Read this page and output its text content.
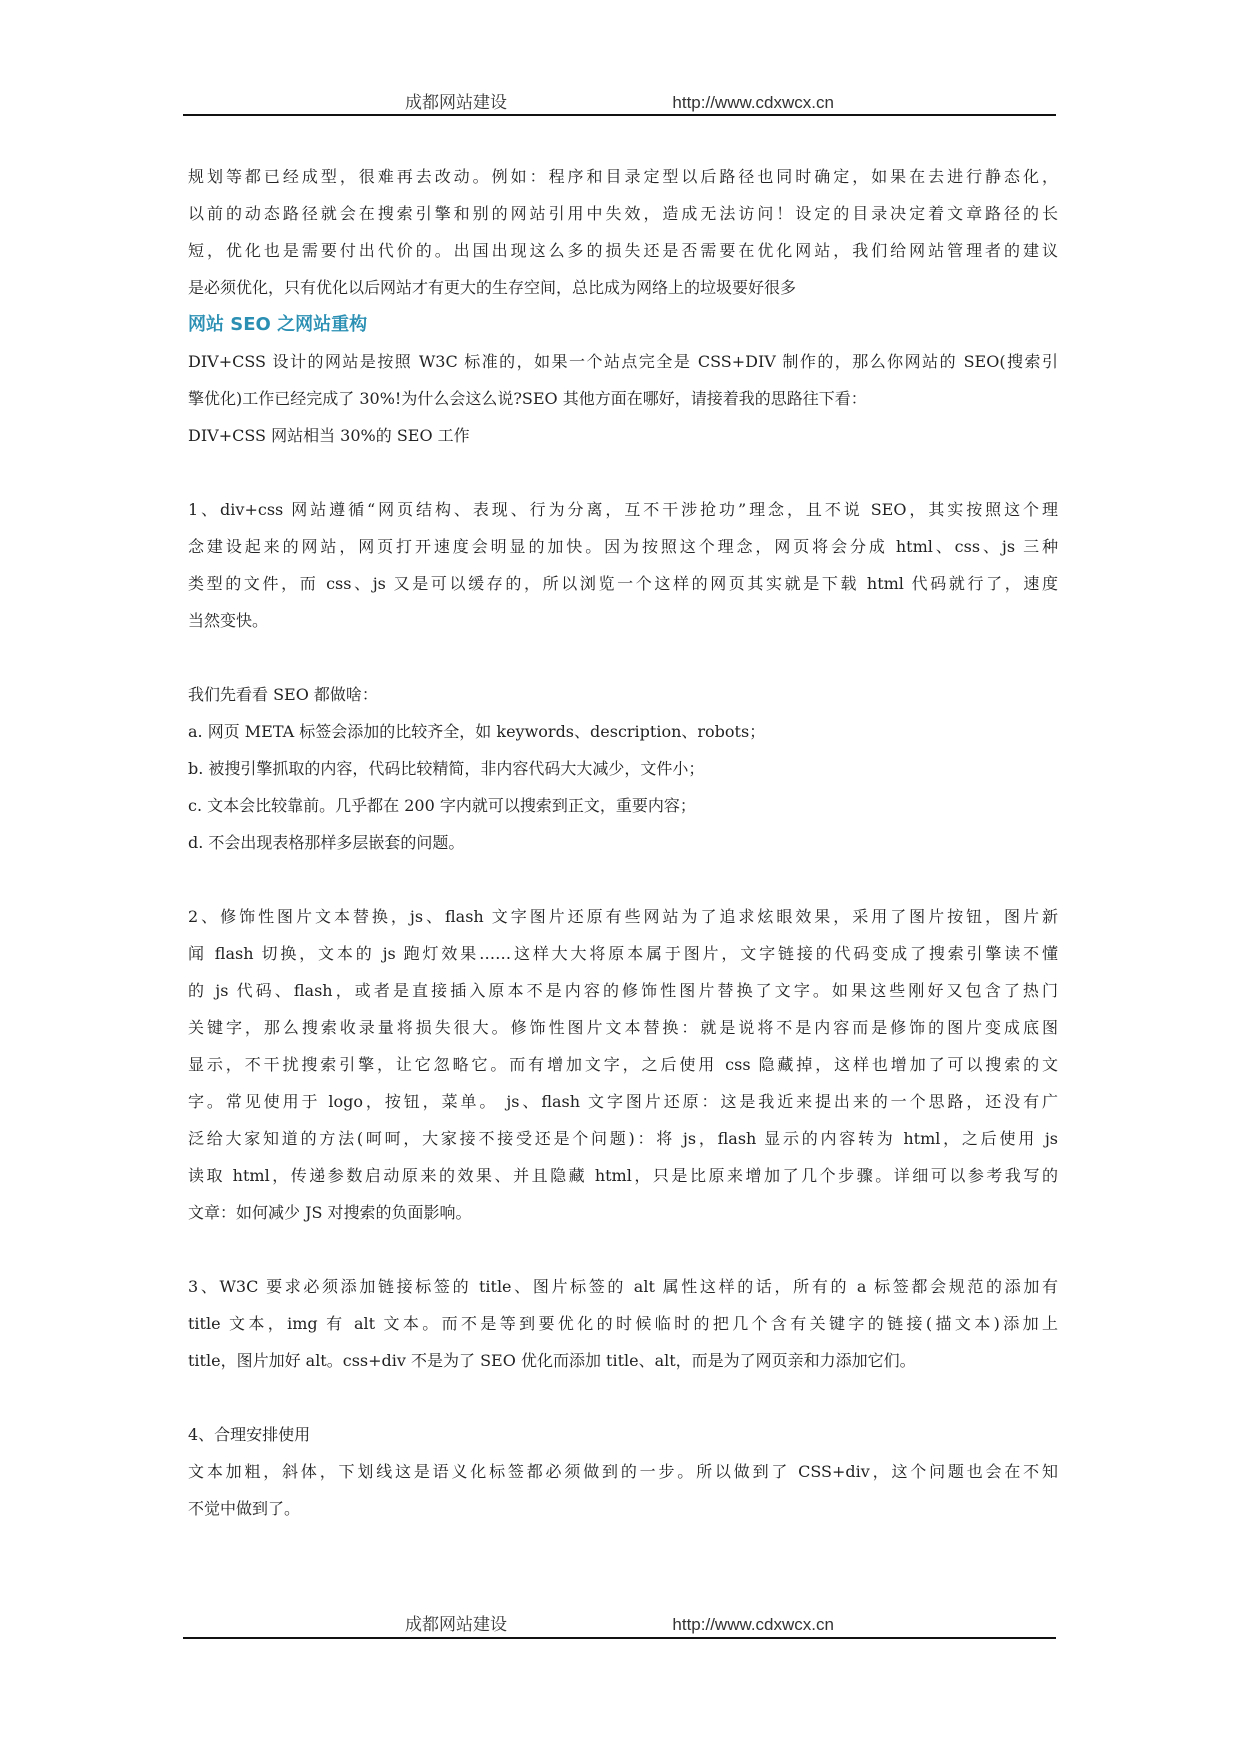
成都网站建设	http://www.cdxwcx.cn
规划等都已经成型，很难再去改动。例如：程序和目录定型以后路径也同时确定，如果在去进行静态化，
以前的动态路径就会在搜索引擎和别的网站引用中失效，造成无法访问！设定的目录决定着文章路径的长
短，优化也是需要付出代价的。出国出现这么多的损失还是否需要在优化网站，我们给网站管理者的建议
是必须优化，只有优化以后网站才有更大的生存空间，总比成为网络上的垃圾要好很多
网站 SEO 之网站重构
DIV+CSS 设计的网站是按照 W3C 标准的，如果一个站点完全是 CSS+DIV 制作的，那么你网站的 SEO(搜索引
擎优化)工作已经完成了 30%!为什么会这么说?SEO 其他方面在哪好，请接着我的思路往下看：
DIV+CSS 网站相当 30%的 SEO 工作
1、div+css 网站遵循“网页结构、表现、行为分离，互不干涉抢功”理念，且不说 SEO，其实按照这个理
念建设起来的网站，网页打开速度会明显的加快。因为按照这个理念，网页将会分成 html、css、js 三种
类型的文件，而 css、js 又是可以缓存的，所以浏览一个这样的网页其实就是下载 html 代码就行了，速度
当然变快。
我们先看看 SEO 都做啥：
a. 网页 META 标签会添加的比较齐全，如 keywords、description、robots；
b. 被搜引擎抓取的内容，代码比较精简，非内容代码大大减少，文件小；
c. 文本会比较靠前。几乎都在 200 字内就可以搜索到正文，重要内容；
d. 不会出现表格那样多层嵌套的问题。
2、修饰性图片文本替换，js、flash 文字图片还原有些网站为了追求炫眼效果，采用了图片按钮，图片新
闻 flash 切换，文本的 js 跑灯效果……这样大大将原本属于图片，文字链接的代码变成了搜索引擎读不懂
的 js 代码、flash，或者是直接插入原本不是内容的修饰性图片替换了文字。如果这些刚好又包含了热门
关键字，那么搜索收录量将损失很大。修饰性图片文本替换：就是说将不是内容而是修饰的图片变成底图
显示，不干扰搜索引擎，让它忽略它。而有增加文字，之后使用 css 隐藏掉，这样也增加了可以搜索的文
字。常见使用于 logo，按钮，菜单。 js、flash 文字图片还原：这是我近来提出来的一个思路，还没有广
泛给大家知道的方法(呵呵，大家接不接受还是个问题)：将 js，flash 显示的内容转为 html，之后使用 js
读取 html，传递参数启动原来的效果、并且隐藏 html，只是比原来增加了几个步骤。详细可以参考我写的
文章：如何减少 JS 对搜索的负面影响。
3、W3C 要求必须添加链接标签的 title、图片标签的 alt 属性这样的话，所有的 a 标签都会规范的添加有
title 文本，img 有 alt 文本。而不是等到要优化的时候临时的把几个含有关键字的链接(描文本)添加上
title，图片加好 alt。css+div 不是为了 SEO 优化而添加 title、alt，而是为了网页亲和力添加它们。
4、合理安排使用
文本加粗，斜体，下划线这是语义化标签都必须做到的一步。所以做到了 CSS+div，这个问题也会在不知
不觉中做到了。
成都网站建设	http://www.cdxwcx.cn
